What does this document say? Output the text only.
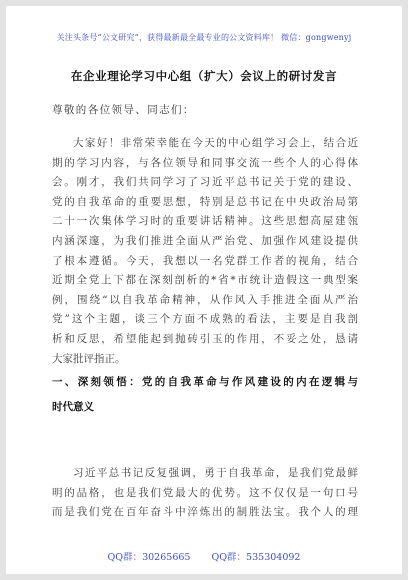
关注头条号“公文研究”，获得最新最全最专业的公文资料库！ 微信：gongwenyj
在企业理论学习中心组（扩大）会议上的研讨发言
尊敬的各位领导、同志们：
大家好！非常荣幸能在今天的中心组学习会上，结合近
期的学习内容，与各位领导和同事交流一些个人的心得体
会。刚才，我们共同学习了习近平总书记关于党的建设、
党的自我革命的重要思想，特别是总书记在中央政治局第
二十一次集体学习时的重要讲话精神。这些思想高屋建瓴
内涵深邃，为我们推进全面从严治党、加强作风建设提供
了根本遵循。今天，我想以一名党群工作者的视角，结合
近期全党上下都在深刻剖析的*省*市统计造假这一典型案
例，围绕“以自我革命精神，从作风入手推进全面从严治
党”这个主题，谈三个方面不成熟的看法，主要是自我剖
析和反思，希望能起到抛砖引玉的作用，不妥之处，恳请
大家批评指正。
一、深刻领悟：党的自我革命与作风建设的内在逻辑与
时代意义
习近平总书记反复强调，勇于自我革命，是我们党最鲜
明的品格，也是我们党最大的优势。这不仅仅是一句口号
而是我们党在百年奋斗中淬炼出的制胜法宝。我个人的理
QQ群：30265665 QQ群：535304092
